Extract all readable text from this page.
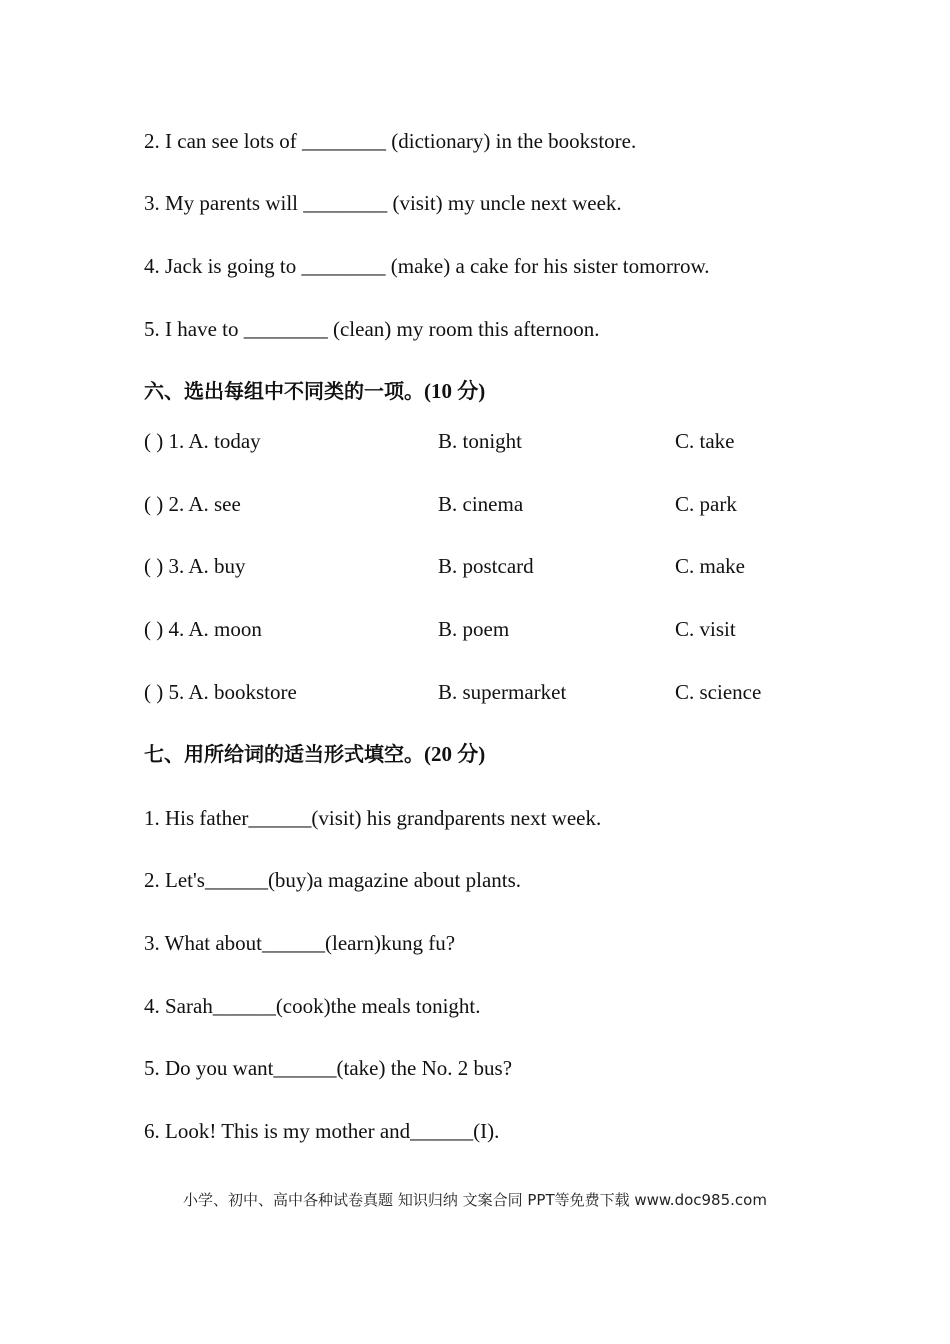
2. I can see lots of ________ (dictionary) in the bookstore.
3. My parents will ________ (visit) my uncle next week.
4. Jack is going to ________ (make) a cake for his sister tomorrow.
5. I have to ________ (clean) my room this afternoon.
六、选出每组中不同类的一项。(10 分)
( ) 1. A. today	B. tonight	C. take
( ) 2. A. see	B. cinema	C. park
( ) 3. A. buy	B. postcard	C. make
( ) 4. A. moon	B. poem	C. visit
( ) 5. A. bookstore	B. supermarket	C. science
七、用所给词的适当形式填空。(20 分)
1. His father______(visit) his grandparents next week.
2. Let's______(buy)a magazine about plants.
3. What about______(learn)kung fu?
4. Sarah______(cook)the meals tonight.
5. Do you want______(take) the No. 2 bus?
6. Look! This is my mother and______(I).
小学、初中、高中各种试卷真题 知识归纳 文案合同 PPT等免费下载 www.doc985.com
